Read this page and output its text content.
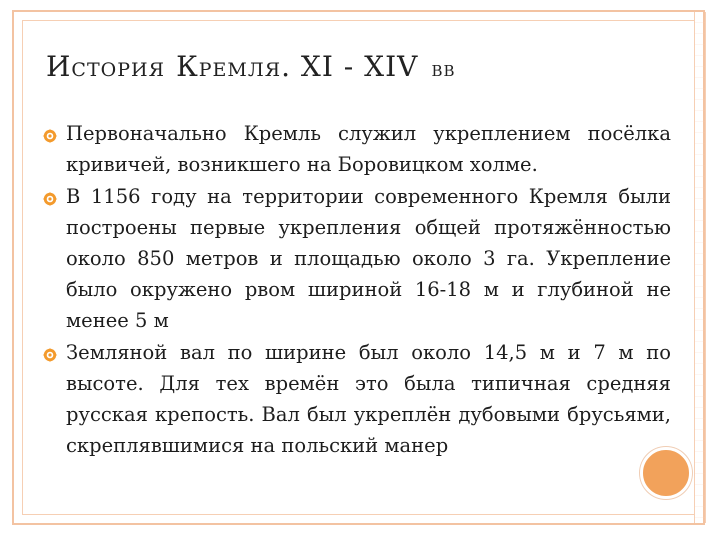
ИСТОРИЯ КРЕМЛЯ. XI - XIV ВВ

Первоначально Кремль служил укреплением посёлка кривичей, возникшего на Боровицком холме.

В 1156 году на территории современного Кремля были построены первые укрепления общей протяжённостью около 850 метров и площадью около 3 га. Укрепление было окружено рвом шириной 16-18 м и глубиной не менее 5 м

Земляной вал по ширине был около 14,5 м и 7 м по высоте. Для тех времён это была типичная средняя русская крепость. Вал был укреплён дубовыми брусьями, скреплявшимися на польский манер
